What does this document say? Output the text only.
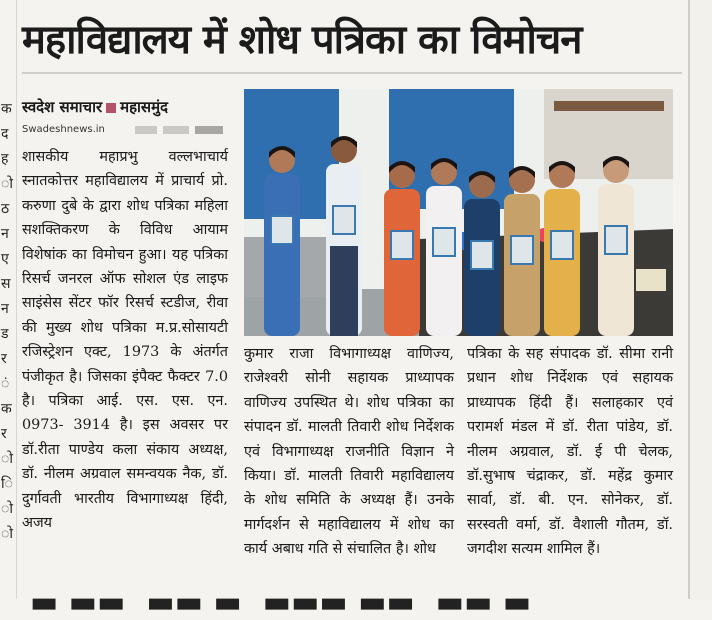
क
द
ह
ो
ठ
न
ए
स
न
ड
र
ं
क
र
ो
ि
ो
ो
महाविद्यालय में शोध पत्रिका का विमोचन
स्वदेश समाचार महासमुंद
Swadeshnews.in

शासकीय महाप्रभु वल्लभाचार्य स्नातकोत्तर महाविद्यालय में प्राचार्य प्रो. करुणा दुबे के द्वारा शोध पत्रिका महिला सशक्तिकरण के विविध आयाम विशेषांक का विमोचन हुआ। यह पत्रिका रिसर्च जनरल ऑफ सोशल एंड लाइफ साइंसेस सेंटर फॉर रिसर्च स्टडीज, रीवा की मुख्य शोध पत्रिका म.प्र.सोसायटी रजिस्ट्रेशन एक्ट, 1973 के अंतर्गत पंजीकृत है। जिसका इंपैक्ट फैक्टर 7.0 है। पत्रिका आई. एस. एस. एन. 0973- 3914 है। इस अवसर पर डॉ.रीता पाण्डेय कला संकाय अध्यक्ष, डॉ. नीलम अग्रवाल समन्वयक नैक, डॉ. दुर्गावती भारतीय विभागाध्यक्ष हिंदी, अजय

कुमार राजा विभागाध्यक्ष वाणिज्य, राजेश्वरी सोनी सहायक प्राध्यापक वाणिज्य उपस्थित थे। शोध पत्रिका का संपादन डॉ. मालती तिवारी शोध निर्देशक एवं विभागाध्यक्ष राजनीति विज्ञान ने किया। डॉ. मालती तिवारी महाविद्यालय के शोध समिति के अध्यक्ष हैं। उनके मार्गदर्शन से महाविद्यालय में शोध का कार्य अबाध गति से संचालित है। शोध

पत्रिका के सह संपादक डॉ. सीमा रानी प्रधान शोध निर्देशक एवं सहायक प्राध्यापक हिंदी हैं। सलाहकार एवं परामर्श मंडल में डॉ. रीता पांडेय, डॉ. नीलम अग्रवाल, डॉ. ई पी चेलक, डॉ.सुभाष चंद्राकर, डॉ. महेंद्र कुमार सार्वा, डॉ. बी. एन. सोनेकर, डॉ. सरस्वती वर्मा, डॉ. वैशाली गौतम, डॉ. जगदीश सत्यम शामिल हैं।

▬ ▬▬  ▬▬ ▬  ▬▬▬ ▬▬  ▬▬ ▬
